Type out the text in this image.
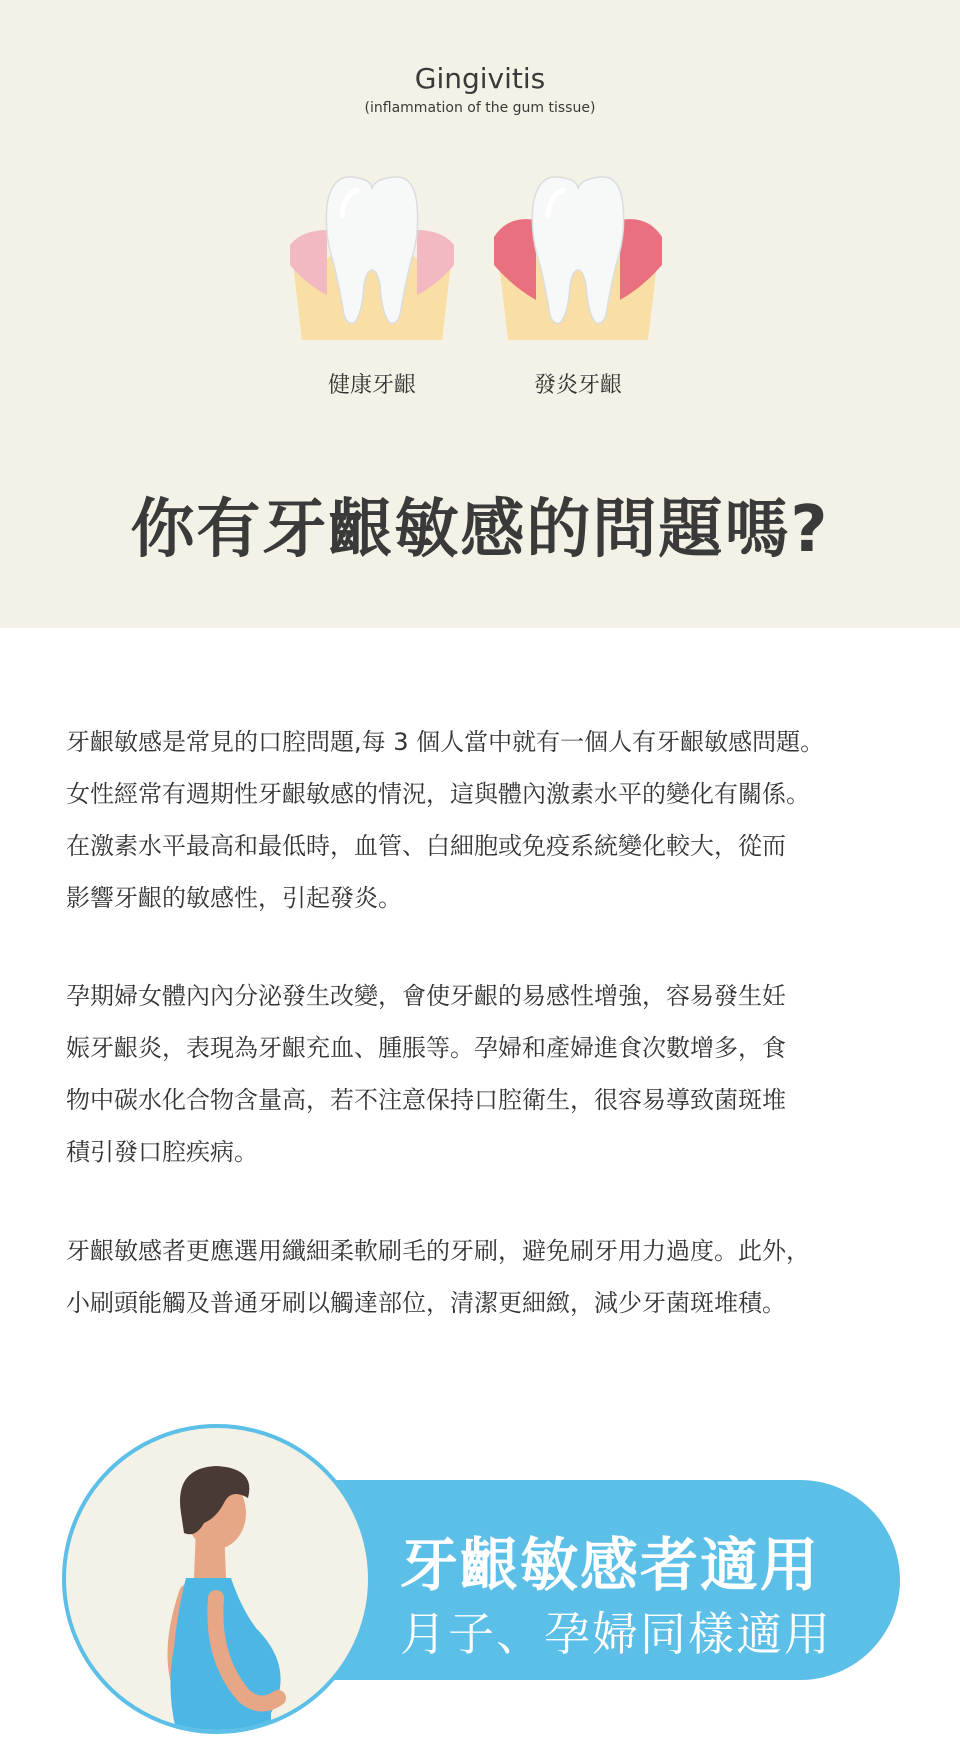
Gingivitis

(inflammation of the gum tissue)

健康牙齦	發炎牙齦

你有牙齦敏感的問題嗎?
牙齦敏感是常見的口腔問題,每 3 個人當中就有一個人有牙齦敏感問題。
女性經常有週期性牙齦敏感的情況，這與體內激素水平的變化有關係。
在激素水平最高和最低時，血管、白細胞或免疫系統變化較大，從而
影響牙齦的敏感性，引起發炎。
孕期婦女體內內分泌發生改變，會使牙齦的易感性增強，容易發生妊
娠牙齦炎，表現為牙齦充血、腫脹等。孕婦和產婦進食次數增多，食
物中碳水化合物含量高，若不注意保持口腔衛生，很容易導致菌斑堆
積引發口腔疾病。
牙齦敏感者更應選用纖細柔軟刷毛的牙刷，避免刷牙用力過度。此外，
小刷頭能觸及普通牙刷以觸達部位，清潔更細緻，減少牙菌斑堆積。

牙齦敏感者適用

月子、孕婦同樣適用
